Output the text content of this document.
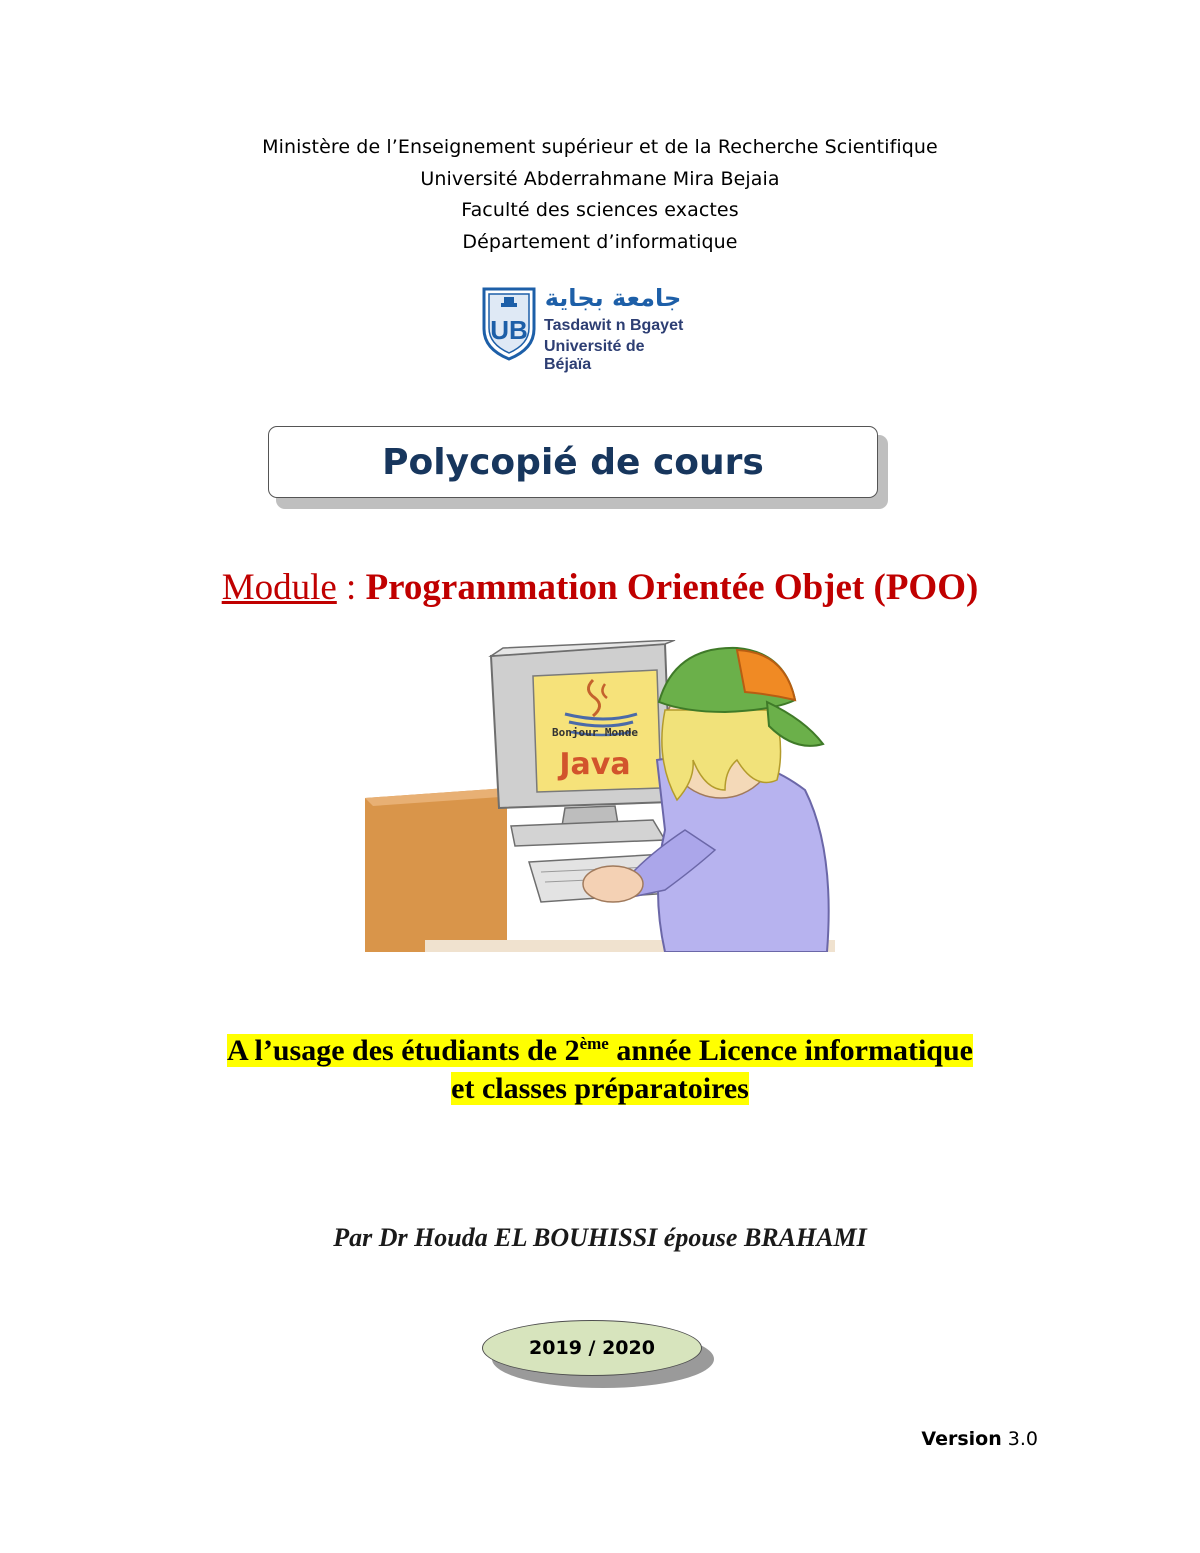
Ministère de l’Enseignement supérieur et de la Recherche Scientifique
Université Abderrahmane Mira Bejaia
Faculté des sciences exactes
Département d’informatique
UB
جامعة بجاية
Tasdawit n Bgayet
Université de Béjaïa
Polycopié de cours
Module : Programmation Orientée Objet (POO)
Bonjour Monde
Java
A l’usage des étudiants de 2ème année Licence informatique
et classes préparatoires
Par Dr Houda EL BOUHISSI épouse BRAHAMI
2019 / 2020
Version 3.0
